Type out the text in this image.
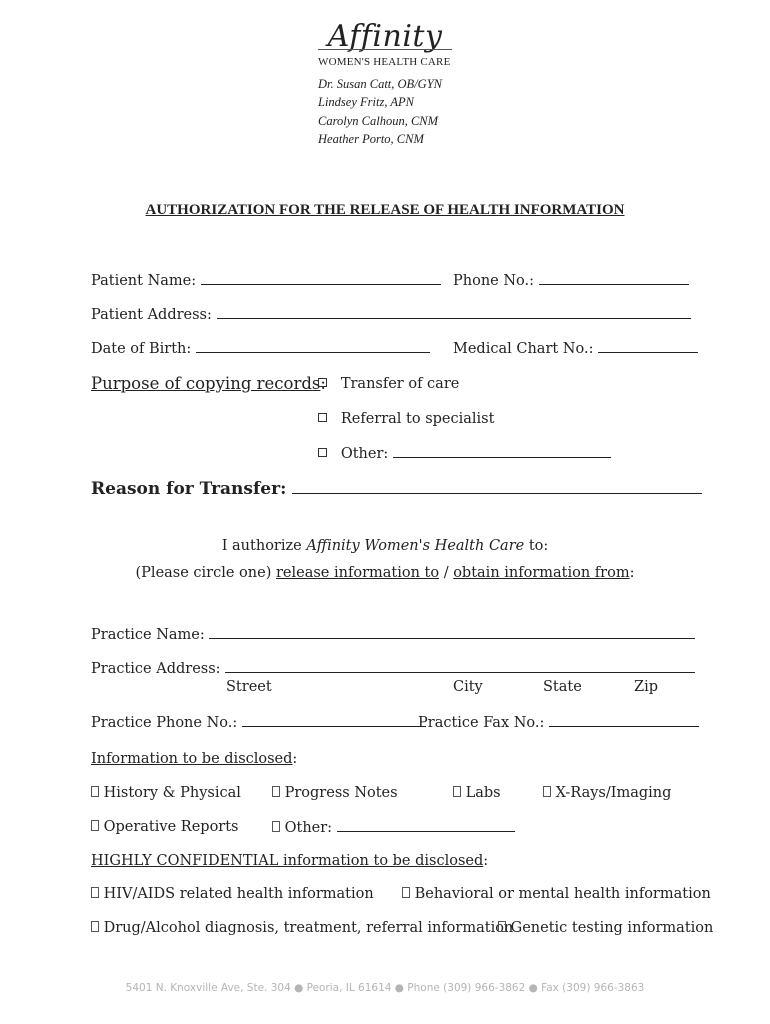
Affinity
WOMEN'S HEALTH CARE
Dr. Susan Catt, OB/GYN
Lindsey Fritz, APN
Carolyn Calhoun, CNM
Heather Porto, CNM
AUTHORIZATION FOR THE RELEASE OF HEALTH INFORMATION
Patient Name:	Phone No.:
Patient Address:
Date of Birth:	Medical Chart No.:
Purpose of copying records:	Transfer of care
Referral to specialist
Other:
Reason for Transfer:
I authorize Affinity Women's Health Care to:
(Please circle one) release information to / obtain information from:
Practice Name:
Practice Address:
Street	City	State	Zip
Practice Phone No.:	Practice Fax No.:
Information to be disclosed:
History & Physical	Progress Notes	Labs	X-Rays/Imaging
Operative Reports	Other:
HIGHLY CONFIDENTIAL information to be disclosed:
HIV/AIDS related health information	Behavioral or mental health information
Drug/Alcohol diagnosis, treatment, referral information
Genetic testing information
5401 N. Knoxville Ave, Ste. 304 ● Peoria, IL 61614 ● Phone (309) 966-3862 ● Fax (309) 966-3863
